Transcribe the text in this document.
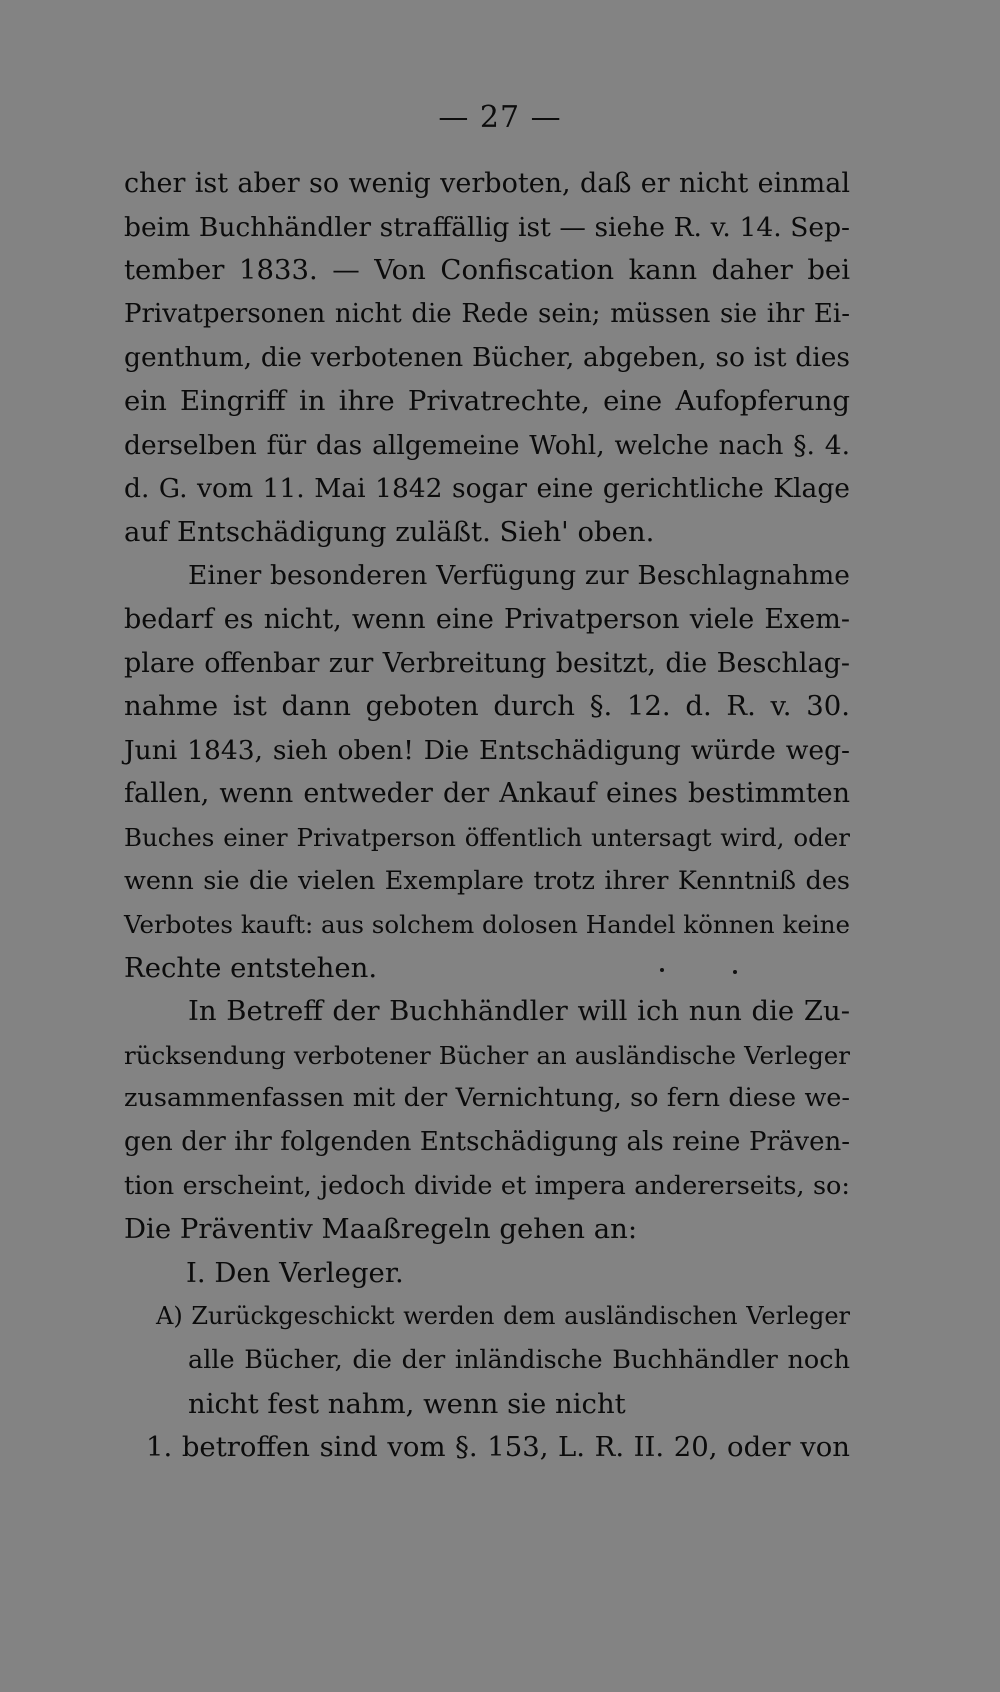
— 27 —
cher ist aber so wenig verboten, daß er nicht einmal
beim Buchhändler straffällig ist — siehe R. v. 14. Sep-
tember 1833. — Von Confiscation kann daher bei
Privatpersonen nicht die Rede sein; müssen sie ihr Ei-
genthum, die verbotenen Bücher, abgeben, so ist dies
ein Eingriff in ihre Privatrechte, eine Aufopferung
derselben für das allgemeine Wohl, welche nach §. 4.
d. G. vom 11. Mai 1842 sogar eine gerichtliche Klage
auf Entschädigung zuläßt. Sieh' oben.
Einer besonderen Verfügung zur Beschlagnahme
bedarf es nicht, wenn eine Privatperson viele Exem-
plare offenbar zur Verbreitung besitzt, die Beschlag-
nahme ist dann geboten durch §. 12. d. R. v. 30.
Juni 1843, sieh oben! Die Entschädigung würde weg-
fallen, wenn entweder der Ankauf eines bestimmten
Buches einer Privatperson öffentlich untersagt wird, oder
wenn sie die vielen Exemplare trotz ihrer Kenntniß des
Verbotes kauft: aus solchem dolosen Handel können keine
Rechte entstehen.
In Betreff der Buchhändler will ich nun die Zu-
rücksendung verbotener Bücher an ausländische Verleger
zusammenfassen mit der Vernichtung, so fern diese we-
gen der ihr folgenden Entschädigung als reine Präven-
tion erscheint, jedoch divide et impera andererseits, so:
Die Präventiv Maaßregeln gehen an:
I. Den Verleger.
A) Zurückgeschickt werden dem ausländischen Verleger
alle Bücher, die der inländische Buchhändler noch
nicht fest nahm, wenn sie nicht
1. betroffen sind vom §. 153, L. R. II. 20, oder von
